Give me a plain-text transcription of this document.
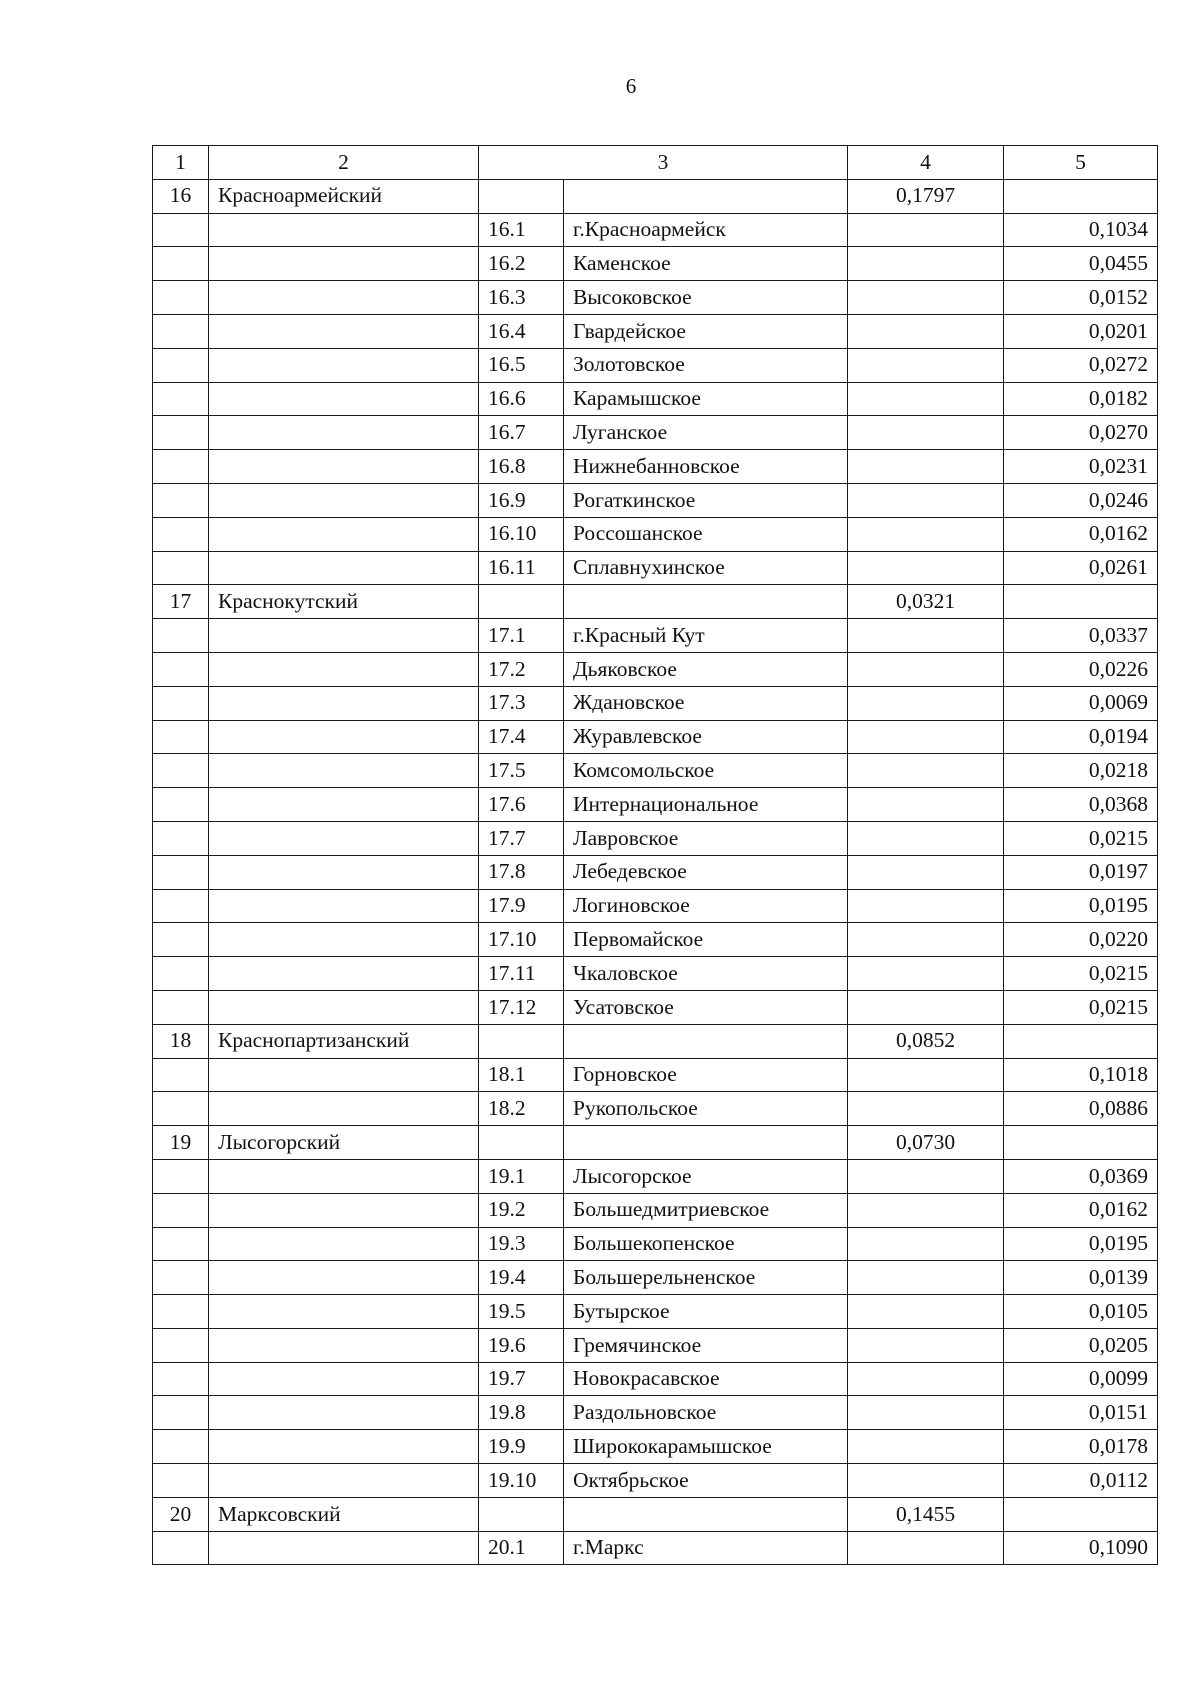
6
1	2	3		4	5
16	Красноармейский			0,1797	
		16.1	г.Красноармейск		0,1034
		16.2	Каменское		0,0455
		16.3	Высоковское		0,0152
		16.4	Гвардейское		0,0201
		16.5	Золотовское		0,0272
		16.6	Карамышское		0,0182
		16.7	Луганское		0,0270
		16.8	Нижнебанновское		0,0231
		16.9	Рогаткинское		0,0246
		16.10	Россошанское		0,0162
		16.11	Сплавнухинское		0,0261
17	Краснокутский			0,0321	
		17.1	г.Красный Кут		0,0337
		17.2	Дьяковское		0,0226
		17.3	Ждановское		0,0069
		17.4	Журавлевское		0,0194
		17.5	Комсомольское		0,0218
		17.6	Интернациональное		0,0368
		17.7	Лавровское		0,0215
		17.8	Лебедевское		0,0197
		17.9	Логиновское		0,0195
		17.10	Первомайское		0,0220
		17.11	Чкаловское		0,0215
		17.12	Усатовское		0,0215
18	Краснопартизанский			0,0852	
		18.1	Горновское		0,1018
		18.2	Рукопольское		0,0886
19	Лысогорский			0,0730	
		19.1	Лысогорское		0,0369
		19.2	Большедмитриевское		0,0162
		19.3	Большекопенское		0,0195
		19.4	Большерельненское		0,0139
		19.5	Бутырское		0,0105
		19.6	Гремячинское		0,0205
		19.7	Новокрасавское		0,0099
		19.8	Раздольновское		0,0151
		19.9	Ширококарамышское		0,0178
		19.10	Октябрьское		0,0112
20	Марксовский			0,1455	
		20.1	г.Маркс		0,1090
